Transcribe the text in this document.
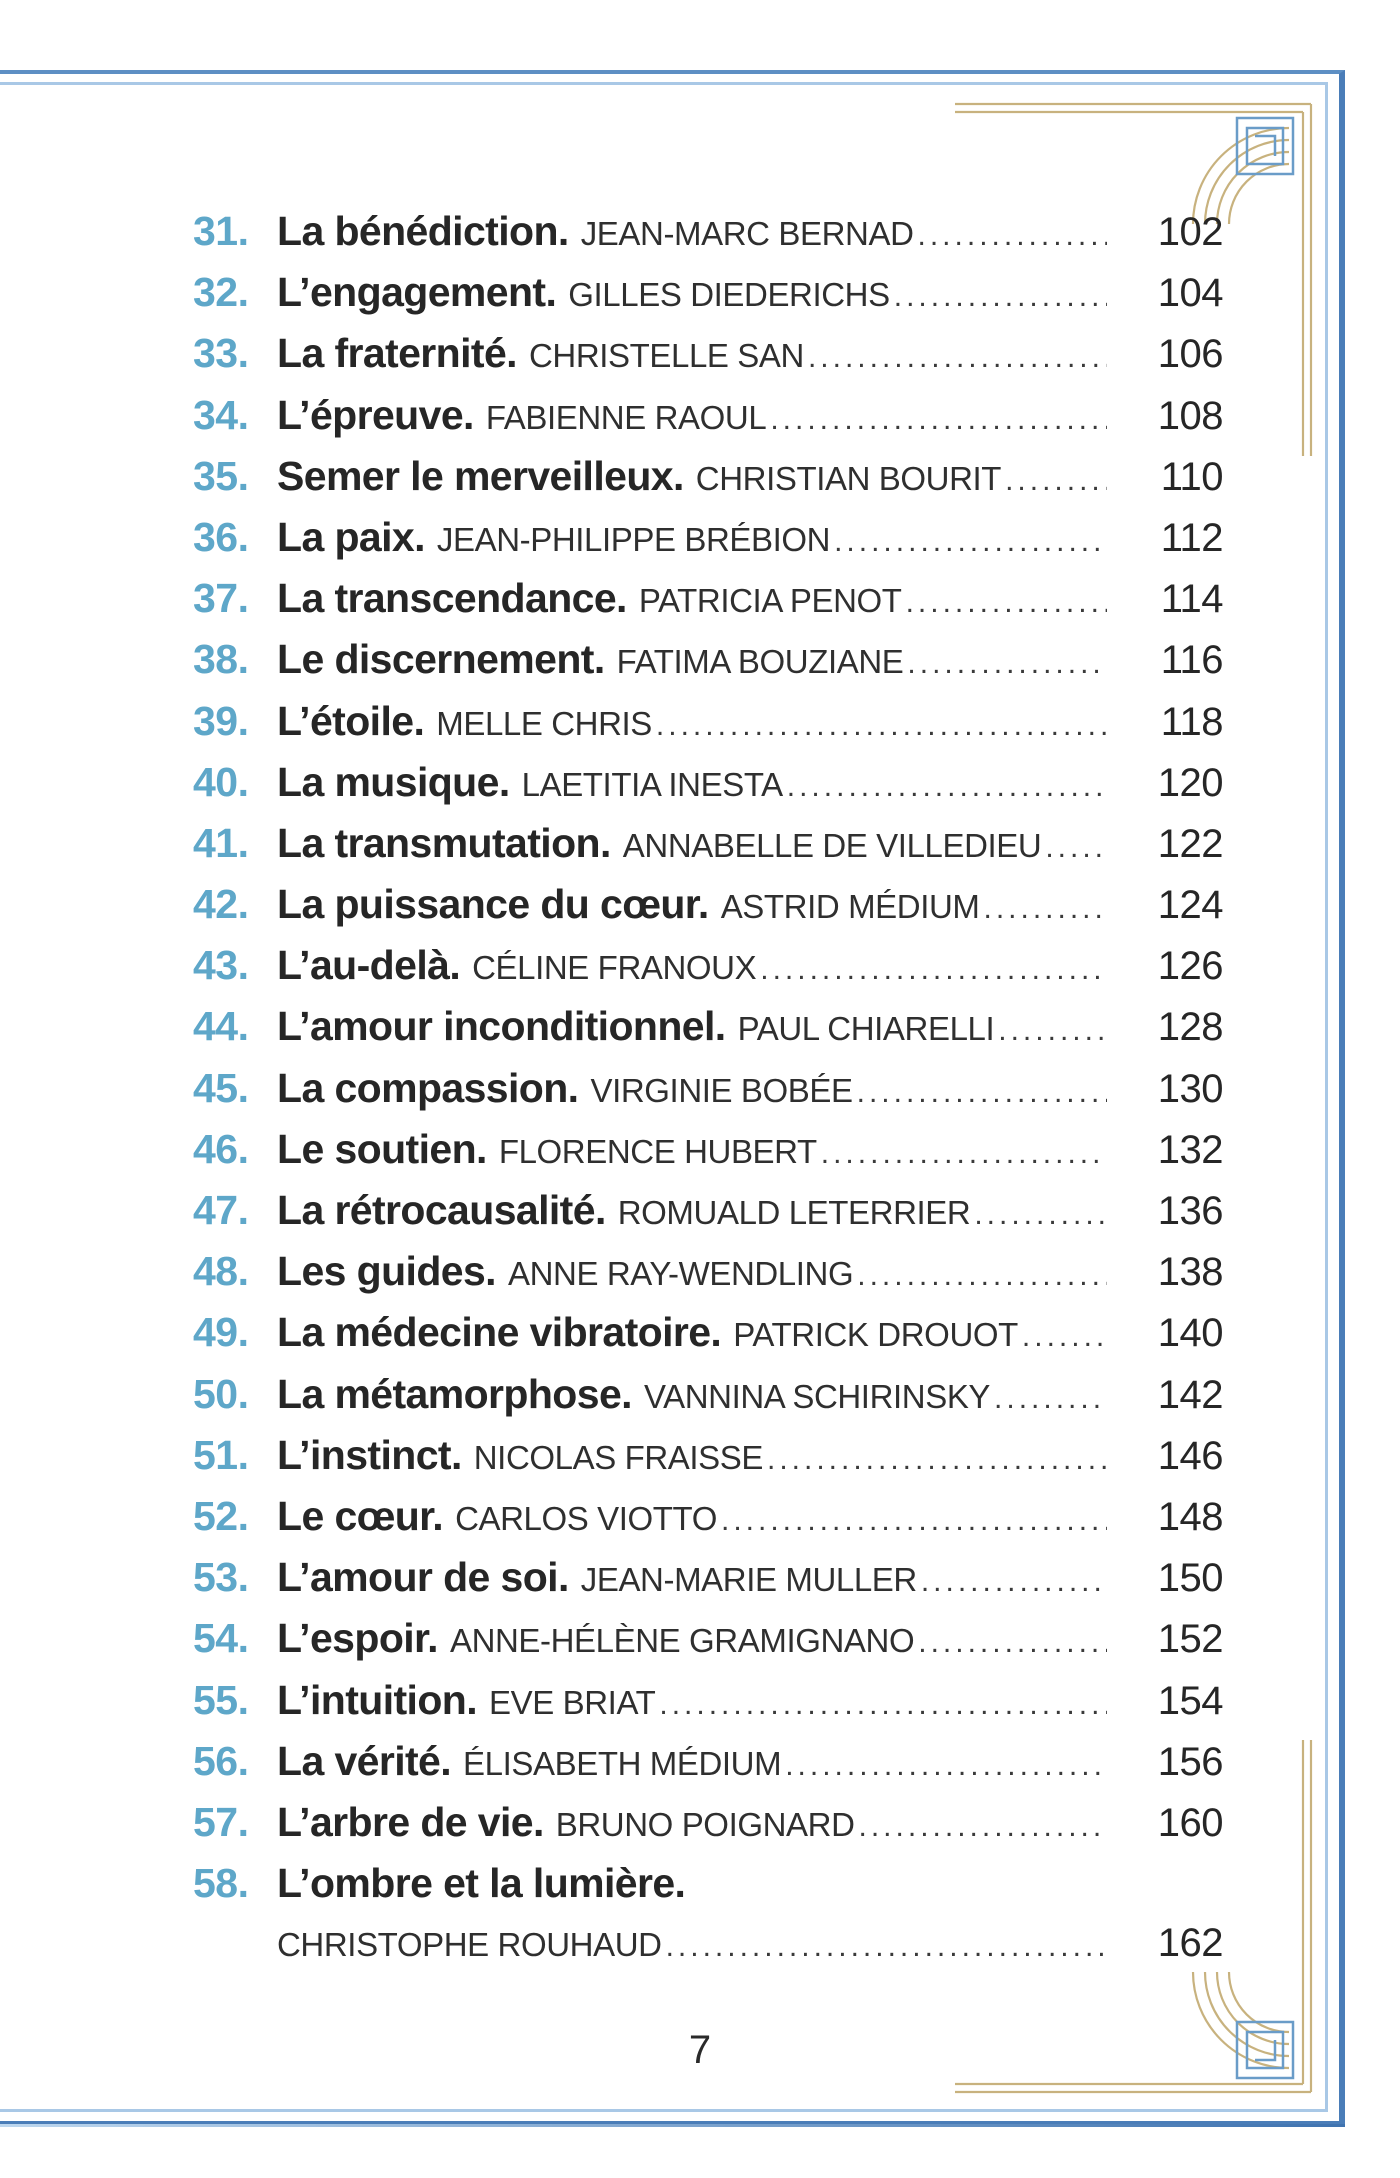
31. La bénédiction. JEAN-MARC BERNAD .....	102
32. L’engagement. GILLES DIEDERICHS .....	104
33. La fraternité. CHRISTELLE SAN .....	106
34. L’épreuve. FABIENNE RAOUL .....	108
35. Semer le merveilleux. CHRISTIAN BOURIT .....	110
36. La paix. JEAN-PHILIPPE BRÉBION .....	112
37. La transcendance. PATRICIA PENOT .....	114
38. Le discernement. FATIMA BOUZIANE .....	116
39. L’étoile. MELLE CHRIS .....	118
40. La musique. LAETITIA INESTA .....	120
41. La transmutation. ANNABELLE DE VILLEDIEU .....	122
42. La puissance du cœur. ASTRID MÉDIUM .....	124
43. L’au-delà. CÉLINE FRANOUX .....	126
44. L’amour inconditionnel. PAUL CHIARELLI .....	128
45. La compassion. VIRGINIE BOBÉE .....	130
46. Le soutien. FLORENCE HUBERT .....	132
47. La rétrocausalité. ROMUALD LETERRIER .....	136
48. Les guides. ANNE RAY-WENDLING .....	138
49. La médecine vibratoire. PATRICK DROUOT .....	140
50. La métamorphose. VANNINA SCHIRINSKY .....	142
51. L’instinct. NICOLAS FRAISSE .....	146
52. Le cœur. CARLOS VIOTTO .....	148
53. L’amour de soi. JEAN-MARIE MULLER .....	150
54. L’espoir. ANNE-HÉLÈNE GRAMIGNANO .....	152
55. L’intuition. EVE BRIAT .....	154
56. La vérité. ÉLISABETH MÉDIUM .....	156
57. L’arbre de vie. BRUNO POIGNARD .....	160
58. L’ombre et la lumière.
CHRISTOPHE ROUHAUD .....	162
7
